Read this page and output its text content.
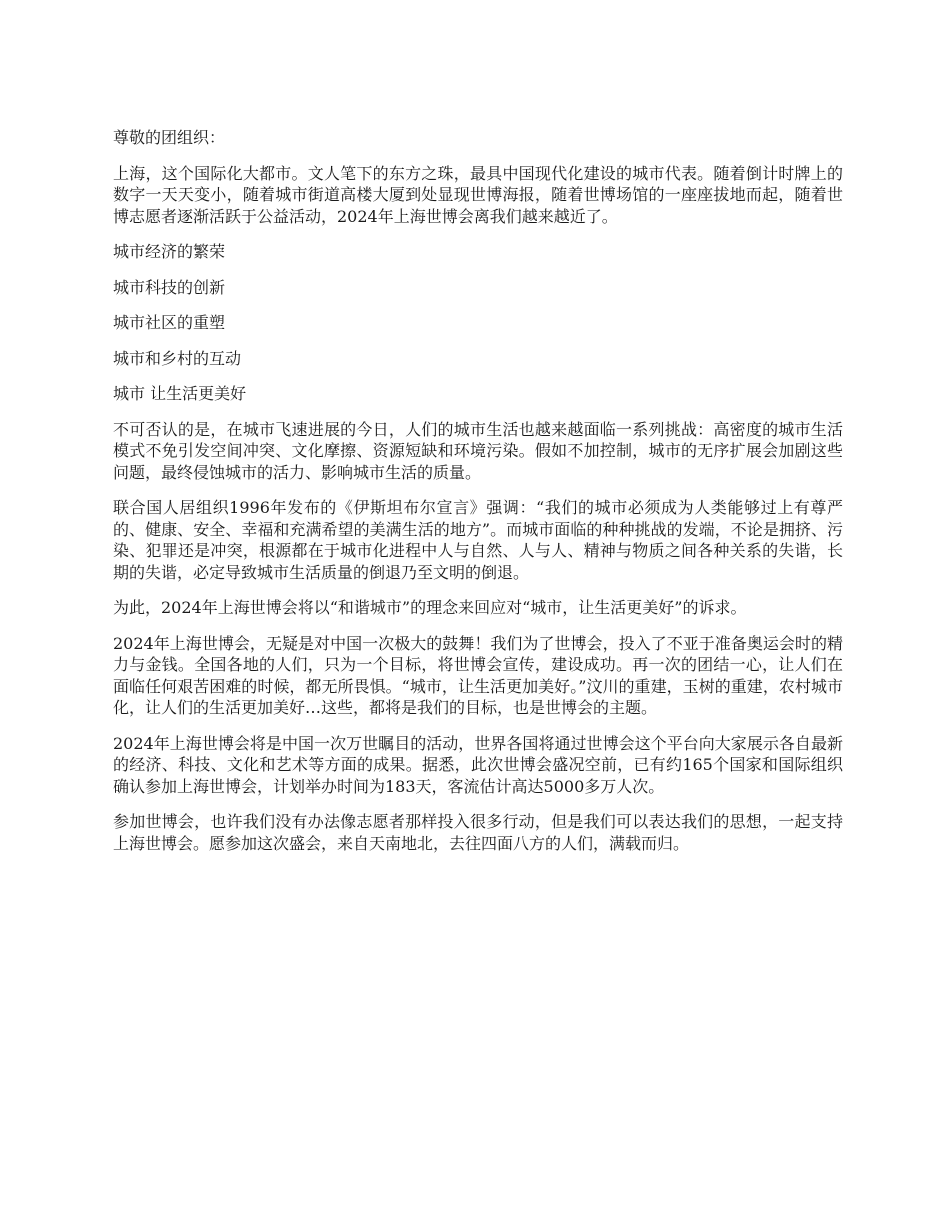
尊敬的团组织：

上海，这个国际化大都市。文人笔下的东方之珠，最具中国现代化建设的城市代表。随着倒计时牌上的数字一天天变小，随着城市街道高楼大厦到处显现世博海报，随着世博场馆的一座座拔地而起，随着世博志愿者逐渐活跃于公益活动，2024年上海世博会离我们越来越近了。

城市经济的繁荣

城市科技的创新

城市社区的重塑

城市和乡村的互动

城市 让生活更美好

不可否认的是，在城市飞速进展的今日，人们的城市生活也越来越面临一系列挑战：高密度的城市生活模式不免引发空间冲突、文化摩擦、资源短缺和环境污染。假如不加控制，城市的无序扩展会加剧这些问题，最终侵蚀城市的活力、影响城市生活的质量。

联合国人居组织1996年发布的《伊斯坦布尔宣言》强调：“我们的城市必须成为人类能够过上有尊严的、健康、安全、幸福和充满希望的美满生活的地方”。而城市面临的种种挑战的发端，不论是拥挤、污染、犯罪还是冲突，根源都在于城市化进程中人与自然、人与人、精神与物质之间各种关系的失谐，长期的失谐，必定导致城市生活质量的倒退乃至文明的倒退。

为此，2024年上海世博会将以“和谐城市”的理念来回应对“城市，让生活更美好”的诉求。

2024年上海世博会，无疑是对中国一次极大的鼓舞！我们为了世博会，投入了不亚于准备奥运会时的精力与金钱。全国各地的人们，只为一个目标，将世博会宣传，建设成功。再一次的团结一心，让人们在面临任何艰苦困难的时候，都无所畏惧。“城市，让生活更加美好。”汶川的重建，玉树的重建，农村城市化，让人们的生活更加美好…这些，都将是我们的目标，也是世博会的主题。

2024年上海世博会将是中国一次万世瞩目的活动，世界各国将通过世博会这个平台向大家展示各自最新的经济、科技、文化和艺术等方面的成果。据悉，此次世博会盛况空前，已有约165个国家和国际组织确认参加上海世博会，计划举办时间为183天，客流估计高达5000多万人次。

参加世博会，也许我们没有办法像志愿者那样投入很多行动，但是我们可以表达我们的思想，一起支持上海世博会。愿参加这次盛会，来自天南地北，去往四面八方的人们，满载而归。
